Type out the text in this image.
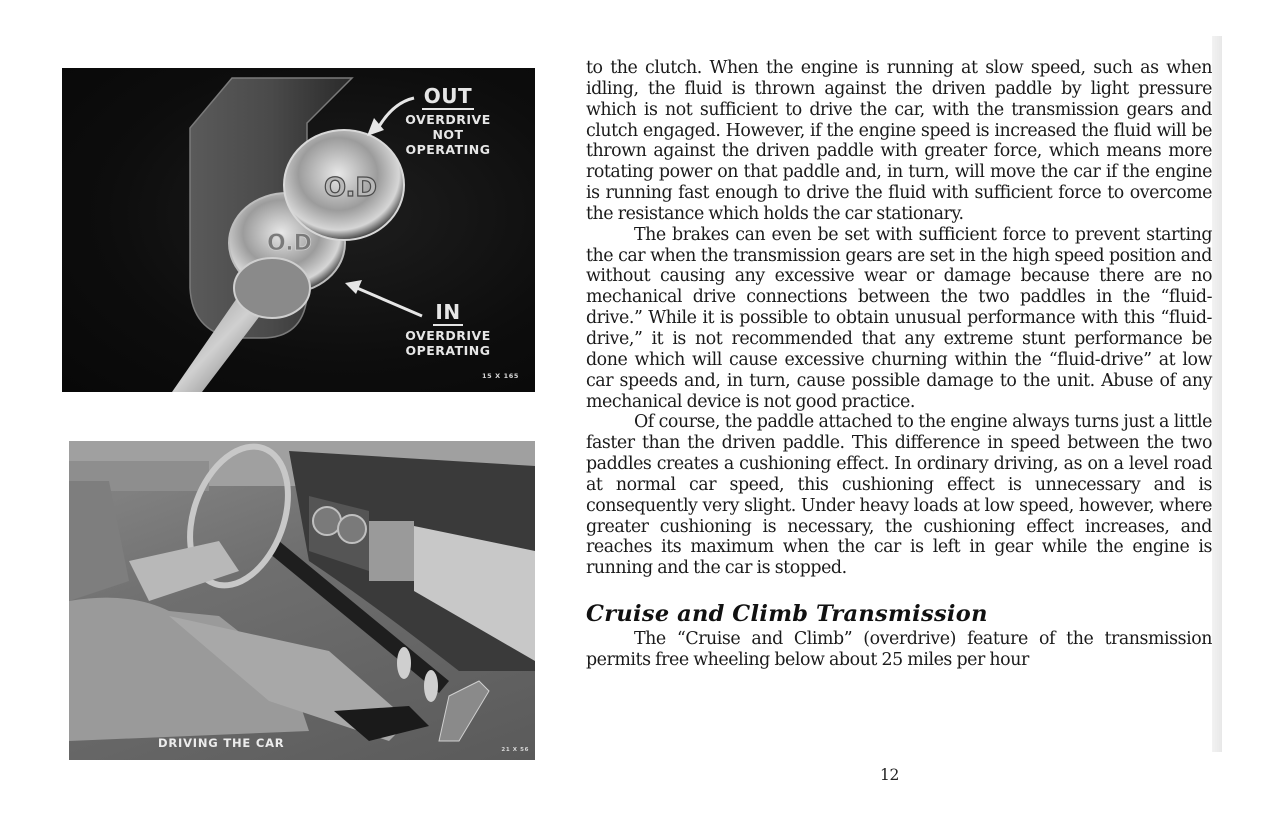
O.D
O.D
OUT
OVERDRIVE
NOT
OPERATING
IN
OVERDRIVE
OPERATING
15 X 165
DRIVING THE CAR	21 X 56

to the clutch. When the engine is running at slow speed, such as when idling, the fluid is thrown against the driven paddle by light pressure which is not sufficient to drive the car, with the transmission gears and clutch engaged. However, if the engine speed is increased the fluid will be thrown against the driven paddle with greater force, which means more rotating power on that paddle and, in turn, will move the car if the engine is running fast enough to drive the fluid with sufficient force to overcome the resistance which holds the car stationary.

The brakes can even be set with sufficient force to prevent starting the car when the transmission gears are set in the high speed position and without causing any excessive wear or damage because there are no mechanical drive connections between the two paddles in the “fluid-drive.” While it is possible to obtain unusual performance with this “fluid-drive,” it is not recommended that any extreme stunt performance be done which will cause excessive churning within the “fluid-drive” at low car speeds and, in turn, cause possible damage to the unit. Abuse of any mechanical device is not good practice.

Of course, the paddle attached to the engine always turns just a little faster than the driven paddle. This difference in speed between the two paddles creates a cushioning effect. In ordinary driving, as on a level road at normal car speed, this cushioning effect is unnecessary and is consequently very slight. Under heavy loads at low speed, however, where greater cushioning is necessary, the cushioning effect increases, and reaches its maximum when the car is left in gear while the engine is running and the car is stopped.

Cruise and Climb Transmission

The “Cruise and Climb” (overdrive) feature of the transmission permits free wheeling below about 25 miles per hour

12
